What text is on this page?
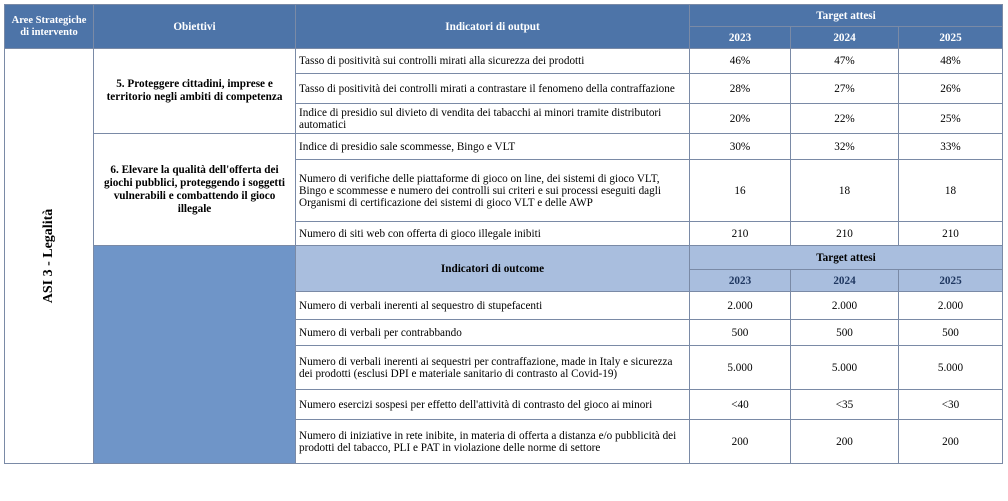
Aree Strategiche di intervento	Obiettivi	Indicatori di output	Target attesi		
			2023	2024	2025

ASI 3 - Legalità	5. Proteggere cittadini, imprese e territorio negli ambiti di competenza	Tasso di positività sui controlli mirati alla sicurezza dei prodotti	46%	47%	48%
		Tasso di positività dei controlli mirati a contrastare il fenomeno della contraffazione	28%	27%	26%
		Indice di presidio sul divieto di vendita dei tabacchi ai minori tramite distributori automatici	20%	22%	25%
	6. Elevare la qualità dell'offerta dei giochi pubblici, proteggendo i soggetti vulnerabili e combattendo il gioco illegale	Indice di presidio sale scommesse, Bingo e VLT	30%	32%	33%
		Numero di verifiche delle piattaforme di gioco on line, dei sistemi di gioco VLT, Bingo e scommesse e numero dei controlli sui criteri e sui processi eseguiti dagli Organismi di certificazione dei sistemi di gioco VLT e delle AWP	16	18	18
		Numero di siti web con offerta di gioco illegale inibiti	210	210	210
		Indicatori di outcome	Target attesi		
			2023	2024	2025
		Numero di verbali inerenti al sequestro di stupefacenti	2.000	2.000	2.000
		Numero di verbali per contrabbando	500	500	500
		Numero di verbali inerenti ai sequestri per contraffazione, made in Italy e sicurezza dei prodotti (esclusi DPI e materiale sanitario di contrasto al Covid-19)	5.000	5.000	5.000
		Numero esercizi sospesi per effetto dell'attività di contrasto del gioco ai minori	<40	<35	<30
		Numero di iniziative in rete inibite, in materia di offerta a distanza e/o pubblicità dei prodotti del tabacco, PLI e PAT in violazione delle norme di settore	200	200	200
